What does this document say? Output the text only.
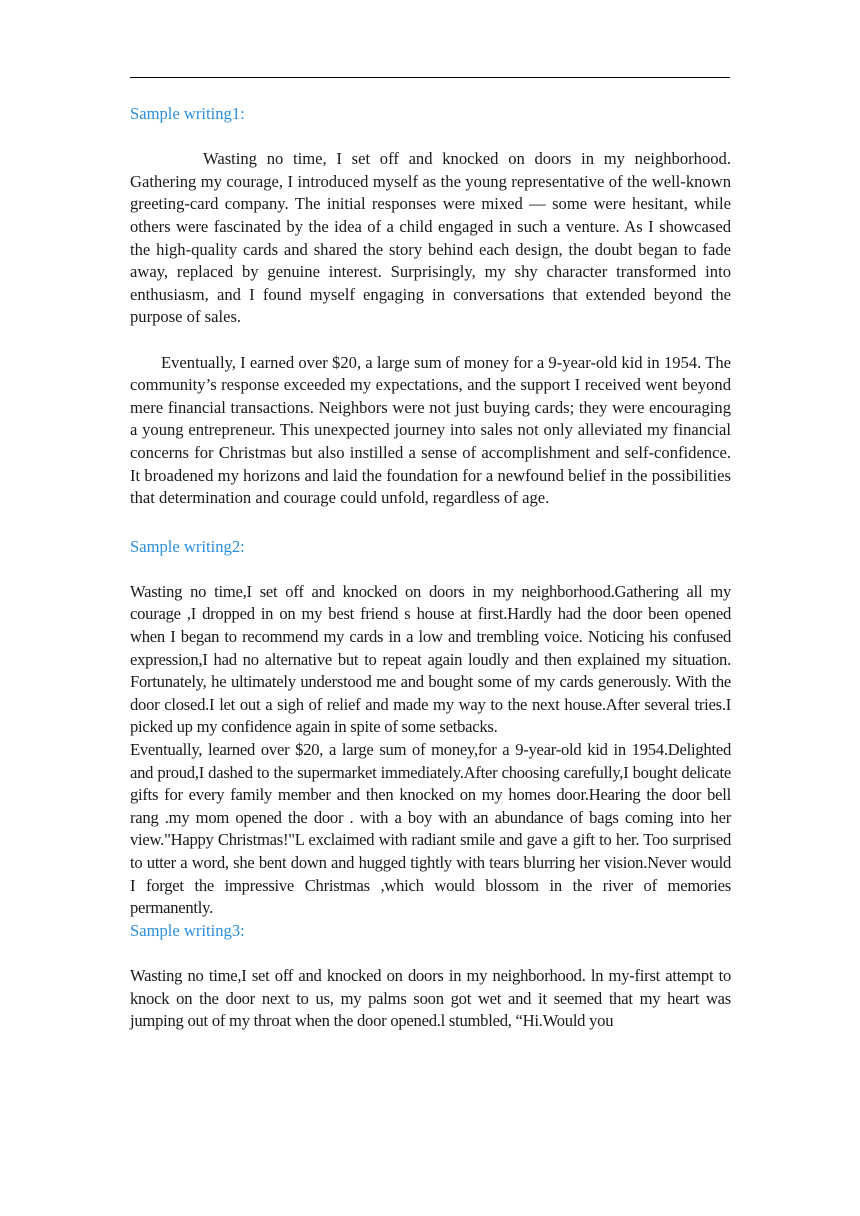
Sample writing1:

Wasting no time, I set off and knocked on doors in my neighborhood. Gathering my courage, I introduced myself as the young representative of the well-known greeting-card company. The initial responses were mixed — some were hesitant, while others were fascinated by the idea of a child engaged in such a venture. As I showcased the high-quality cards and shared the story behind each design, the doubt began to fade away, replaced by genuine interest. Surprisingly, my shy character transformed into enthusiasm, and I found myself engaging in conversations that extended beyond the purpose of sales.

Eventually, I earned over $20, a large sum of money for a 9-year-old kid in 1954. The community’s response exceeded my expectations, and the support I received went beyond mere financial transactions. Neighbors were not just buying cards; they were encouraging a young entrepreneur. This unexpected journey into sales not only alleviated my financial concerns for Christmas but also instilled a sense of accomplishment and self-confidence. It broadened my horizons and laid the foundation for a newfound belief in the possibilities that determination and courage could unfold, regardless of age.

Sample writing2:

Wasting no time,I set off and knocked on doors in my neighborhood.Gathering all my courage ,I dropped in on my best friend s house at first.Hardly had the door been opened when I began to recommend my cards in a low and trembling voice. Noticing his confused expression,I had no alternative but to repeat again loudly and then explained my situation. Fortunately, he ultimately understood me and bought some of my cards generously. With the door closed.I let out a sigh of relief and made my way to the next house.After several tries.I picked up my confidence again in spite of some setbacks.

Eventually, learned over $20, a large sum of money,for a 9-year-old kid in 1954.Delighted and proud,I dashed to the supermarket immediately.After choosing carefully,I bought delicate gifts for every family member and then knocked on my homes door.Hearing the door bell rang .my mom opened the door . with a boy with an abundance of bags coming into her view."Happy Christmas!"L exclaimed with radiant smile and gave a gift to her. Too surprised to utter a word, she bent down and hugged tightly with tears blurring her vision.Never would I forget the impressive Christmas ,which would blossom in the river of memories permanently.

Sample writing3:

Wasting no time,I set off and knocked on doors in my neighborhood. ln my-first attempt to knock on the door next to us, my palms soon got wet and it seemed that my heart was jumping out of my throat when the door opened.l stumbled, “Hi.Would you
